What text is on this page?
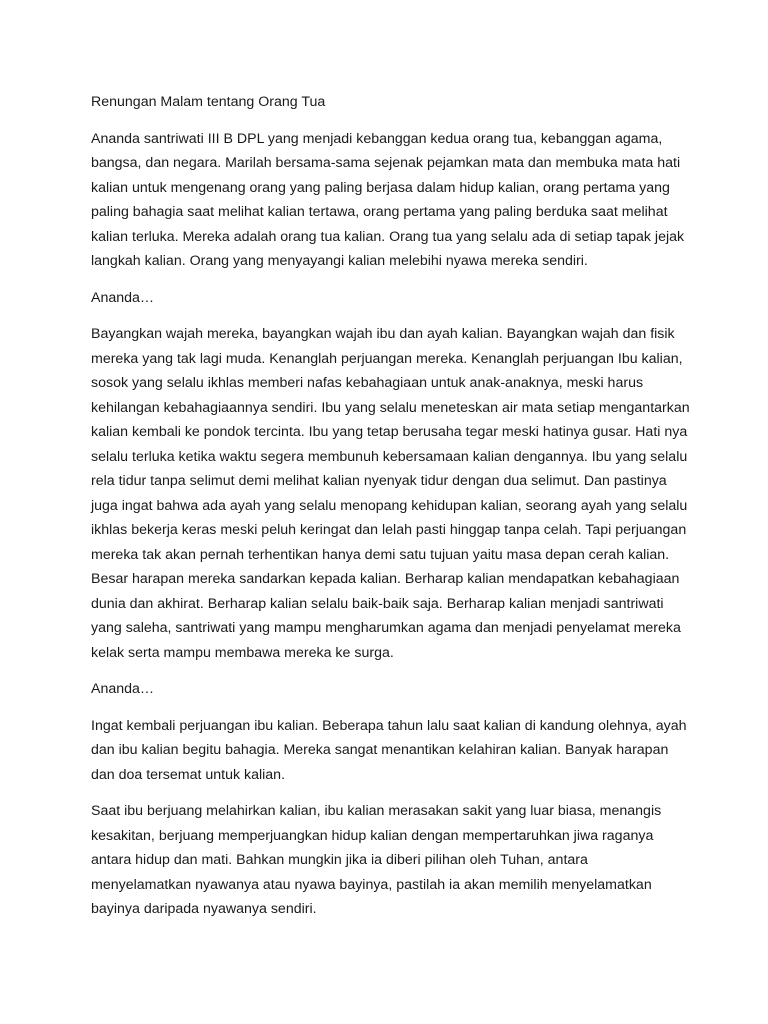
Renungan Malam tentang Orang Tua

Ananda santriwati III B DPL yang menjadi kebanggan kedua orang tua, kebanggan agama,
bangsa, dan negara. Marilah bersama-sama sejenak pejamkan mata dan membuka mata hati
kalian untuk mengenang orang yang paling berjasa dalam hidup kalian, orang pertama yang
paling bahagia saat melihat kalian tertawa, orang pertama yang paling berduka saat melihat
kalian terluka. Mereka adalah orang tua kalian. Orang tua yang selalu ada di setiap tapak jejak
langkah kalian. Orang yang menyayangi kalian melebihi nyawa mereka sendiri.

Ananda…

Bayangkan wajah mereka, bayangkan wajah ibu dan ayah kalian. Bayangkan wajah dan fisik
mereka yang tak lagi muda. Kenanglah perjuangan mereka. Kenanglah perjuangan Ibu kalian,
sosok yang selalu ikhlas memberi nafas kebahagiaan untuk anak-anaknya, meski harus
kehilangan kebahagiaannya sendiri. Ibu yang selalu meneteskan air mata setiap mengantarkan
kalian kembali ke pondok tercinta. Ibu yang tetap berusaha tegar meski hatinya gusar. Hati nya
selalu terluka ketika waktu segera membunuh kebersamaan kalian dengannya. Ibu yang selalu
rela tidur tanpa selimut demi melihat kalian nyenyak tidur dengan dua selimut. Dan pastinya
juga ingat bahwa ada ayah yang selalu menopang kehidupan kalian, seorang ayah yang selalu
ikhlas bekerja keras meski peluh keringat dan lelah pasti hinggap tanpa celah. Tapi perjuangan
mereka tak akan pernah terhentikan hanya demi satu tujuan yaitu masa depan cerah kalian.
Besar harapan mereka sandarkan kepada kalian. Berharap kalian mendapatkan kebahagiaan
dunia dan akhirat. Berharap kalian selalu baik-baik saja. Berharap kalian menjadi santriwati
yang saleha, santriwati yang mampu mengharumkan agama dan menjadi penyelamat mereka
kelak serta mampu membawa mereka ke surga.

Ananda…

Ingat kembali perjuangan ibu kalian. Beberapa tahun lalu saat kalian di kandung olehnya, ayah
dan ibu kalian begitu bahagia. Mereka sangat menantikan kelahiran kalian. Banyak harapan
dan doa tersemat untuk kalian.

Saat ibu berjuang melahirkan kalian, ibu kalian merasakan sakit yang luar biasa, menangis
kesakitan, berjuang memperjuangkan hidup kalian dengan mempertaruhkan jiwa raganya
antara hidup dan mati. Bahkan mungkin jika ia diberi pilihan oleh Tuhan, antara
menyelamatkan nyawanya atau nyawa bayinya, pastilah ia akan memilih menyelamatkan
bayinya daripada nyawanya sendiri.
